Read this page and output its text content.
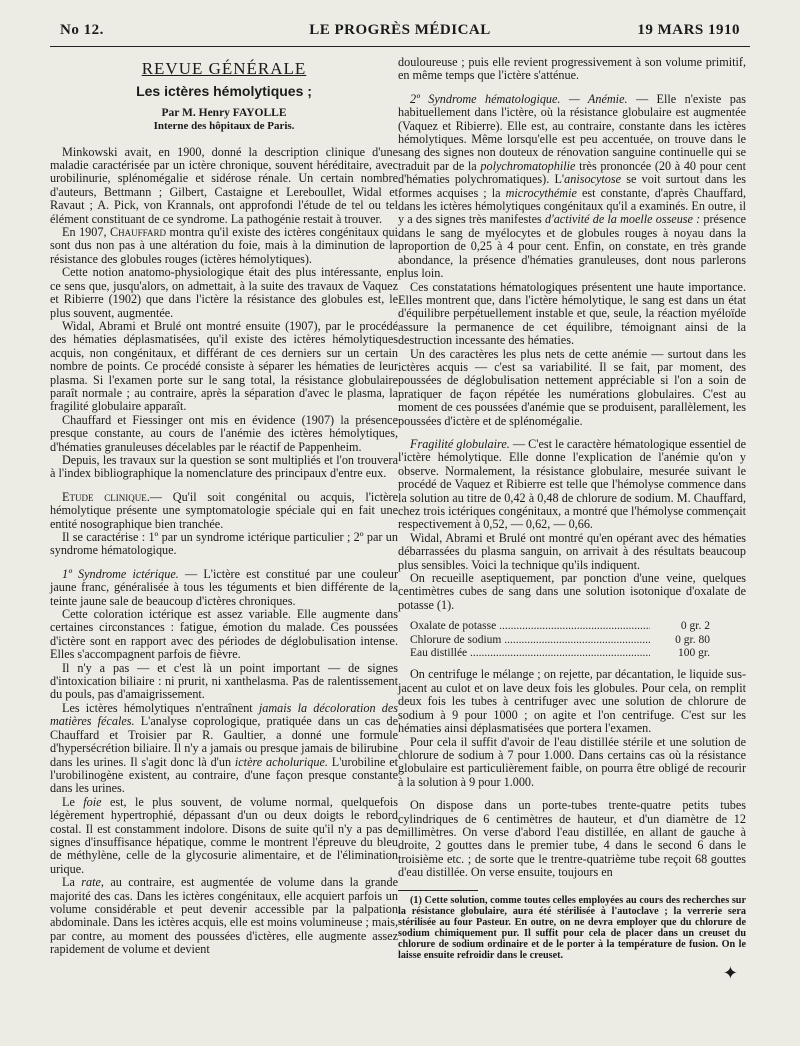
No 12.	LE PROGRÈS MÉDICAL	19 MARS 1910
REVUE GÉNÉRALE
Les ictères hémolytiques ;
Par M. Henry FAYOLLE
Interne des hôpitaux de Paris.

Minkowski avait, en 1900, donné la description clinique d'une maladie caractérisée par un ictère chronique, souvent héréditaire, avec urobilinurie, splénomégalie et sidérose rénale. Un certain nombre d'auteurs, Bettmann ; Gilbert, Castaigne et Lereboullet, Widal et Ravaut ; A. Pick, von Krannals, ont approfondi l'étude de tel ou tel élément constituant de ce syndrome. La pathogénie restait à trouver.

En 1907, Chauffard montra qu'il existe des ictères congénitaux qui sont dus non pas à une altération du foie, mais à la diminution de la résistance des globules rouges (ictères hémolytiques).

Cette notion anatomo-physiologique était des plus intéressante, en ce sens que, jusqu'alors, on admettait, à la suite des travaux de Vaquez et Ribierre (1902) que dans l'ictère la résistance des globules est, le plus souvent, augmentée.

Widal, Abrami et Brulé ont montré ensuite (1907), par le procédé des hématies déplasmatisées, qu'il existe des ictères hémolytiques acquis, non congénitaux, et différant de ces derniers sur un certain nombre de points. Ce procédé consiste à séparer les hématies de leur plasma. Si l'examen porte sur le sang total, la résistance globulaire paraît normale ; au contraire, après la séparation d'avec le plasma, la fragilité globulaire apparaît.

Chauffard et Fiessinger ont mis en évidence (1907) la présence presque constante, au cours de l'anémie des ictères hémolytiques, d'hématies granuleuses décelables par le réactif de Pappenheim.

Depuis, les travaux sur la question se sont multipliés et l'on trouvera à l'index bibliographique la nomenclature des principaux d'entre eux.

Etude clinique.— Qu'il soit congénital ou acquis, l'ictère hémolytique présente une symptomatologie spéciale qui en fait une entité nosographique bien tranchée.

Il se caractérise : 1º par un syndrome ictérique particulier ; 2º par un syndrome hématologique.

1º Syndrome ictérique. — L'ictère est constitué par une couleur jaune franc, généralisée à tous les téguments et bien différente de la teinte jaune sale de beaucoup d'ictères chroniques.

Cette coloration ictérique est assez variable. Elle augmente dans certaines circonstances : fatigue, émotion du malade. Ces poussées d'ictère sont en rapport avec des périodes de déglobulisation intense. Elles s'accompagnent parfois de fièvre.

Il n'y a pas — et c'est là un point important — de signes d'intoxication biliaire : ni prurit, ni xanthelasma. Pas de ralentissement du pouls, pas d'amaigrissement.

Les ictères hémolytiques n'entraînent jamais la décoloration des matières fécales. L'analyse coprologique, pratiquée dans un cas de Chauffard et Troisier par R. Gaultier, a donné une formule d'hypersécrétion biliaire. Il n'y a jamais ou presque jamais de bilirubine dans les urines. Il s'agit donc là d'un ictère acholurique. L'urobiline et l'urobilinogène existent, au contraire, d'une façon presque constante dans les urines.

Le foie est, le plus souvent, de volume normal, quelquefois légèrement hypertrophié, dépassant d'un ou deux doigts le rebord costal. Il est constamment indolore. Disons de suite qu'il n'y a pas de signes d'insuffisance hépatique, comme le montrent l'épreuve du bleu de méthylène, celle de la glycosurie alimentaire, et de l'élimination urique.

La rate, au contraire, est augmentée de volume dans la grande majorité des cas. Dans les ictères congénitaux, elle acquiert parfois un volume considérable et peut devenir accessible par la palpation abdominale. Dans les ictères acquis, elle est moins volumineuse ; mais, par contre, au moment des poussées d'ictères, elle augmente assez rapidement de volume et devient

douloureuse ; puis elle revient progressivement à son volume primitif, en même temps que l'ictère s'atténue.

2º Syndrome hématologique. — Anémie. — Elle n'existe pas habituellement dans l'ictère, où la résistance globulaire est augmentée (Vaquez et Ribierre). Elle est, au contraire, constante dans les ictères hémolytiques. Même lorsqu'elle est peu accentuée, on trouve dans le sang des signes non douteux de rénovation sanguine continuelle qui se traduit par de la polychromatophilie très prononcée (20 à 40 pour cent d'hématies polychromatiques). L'anisocytose se voit surtout dans les formes acquises ; la microcythémie est constante, d'après Chauffard, dans les ictères hémolytiques congénitaux qu'il a examinés. En outre, il y a des signes très manifestes d'activité de la moelle osseuse : présence dans le sang de myélocytes et de globules rouges à noyau dans la proportion de 0,25 à 4 pour cent. Enfin, on constate, en très grande abondance, la présence d'hématies granuleuses, dont nous parlerons plus loin.

Ces constatations hématologiques présentent une haute importance. Elles montrent que, dans l'ictère hémolytique, le sang est dans un état d'équilibre perpétuellement instable et que, seule, la réaction myéloïde assure la permanence de cet équilibre, témoignant ainsi de la destruction incessante des hématies.

Un des caractères les plus nets de cette anémie — surtout dans les ictères acquis — c'est sa variabilité. Il se fait, par moment, des poussées de déglobulisation nettement appréciable si l'on a soin de pratiquer de façon répétée les numérations globulaires. C'est au moment de ces poussées d'anémie que se produisent, parallèlement, les poussées d'ictère et de splénomégalie.

Fragilité globulaire. — C'est le caractère hématologique essentiel de l'ictère hémolytique. Elle donne l'explication de l'anémie qu'on y observe. Normalement, la résistance globulaire, mesurée suivant le procédé de Vaquez et Ribierre est telle que l'hémolyse commence dans la solution au titre de 0,42 à 0,48 de chlorure de sodium. M. Chauffard, chez trois ictériques congénitaux, a montré que l'hémolyse commençait respectivement à 0,52, — 0,62, — 0,66.

Widal, Abrami et Brulé ont montré qu'en opérant avec des hématies débarrassées du plasma sanguin, on arrivait à des résultats beaucoup plus sensibles. Voici la technique qu'ils indiquent.

On recueille aseptiquement, par ponction d'une veine, quelques centimètres cubes de sang dans une solution isotonique d'oxalate de potasse (1).

Oxalate de potasse .....	0 gr. 2
Chlorure de sodium .....	0 gr. 80
Eau distillée .....	100 gr.

On centrifuge le mélange ; on rejette, par décantation, le liquide sus-jacent au culot et on lave deux fois les globules. Pour cela, on remplit deux fois les tubes à centrifuger avec une solution de chlorure de sodium à 9 pour 1000 ; on agite et l'on centrifuge. C'est sur les hématies ainsi déplasmatisées que portera l'examen.

Pour cela il suffit d'avoir de l'eau distillée stérile et une solution de chlorure de sodium à 7 pour 1.000. Dans certains cas où la résistance globulaire est particulièrement faible, on pourra être obligé de recourir à la solution à 9 pour 1.000.

On dispose dans un porte-tubes trente-quatre petits tubes cylindriques de 6 centimètres de hauteur, et d'un diamètre de 12 millimètres. On verse d'abord l'eau distillée, en allant de gauche à droite, 2 gouttes dans le premier tube, 4 dans le second 6 dans le troisième etc. ; de sorte que le trentre-quatrième tube reçoit 68 gouttes d'eau distillée. On verse ensuite, toujours en

(1) Cette solution, comme toutes celles employées au cours des recherches sur la résistance globulaire, aura été stérilisée à l'autoclave ; la verrerie sera stérilisée au four Pasteur. En outre, on ne devra employer que du chlorure de sodium chimiquement pur. Il suffit pour cela de placer dans un creuset du chlorure de sodium ordinaire et de le porter à la température de fusion. On le laisse ensuite refroidir dans le creuset.

✦
